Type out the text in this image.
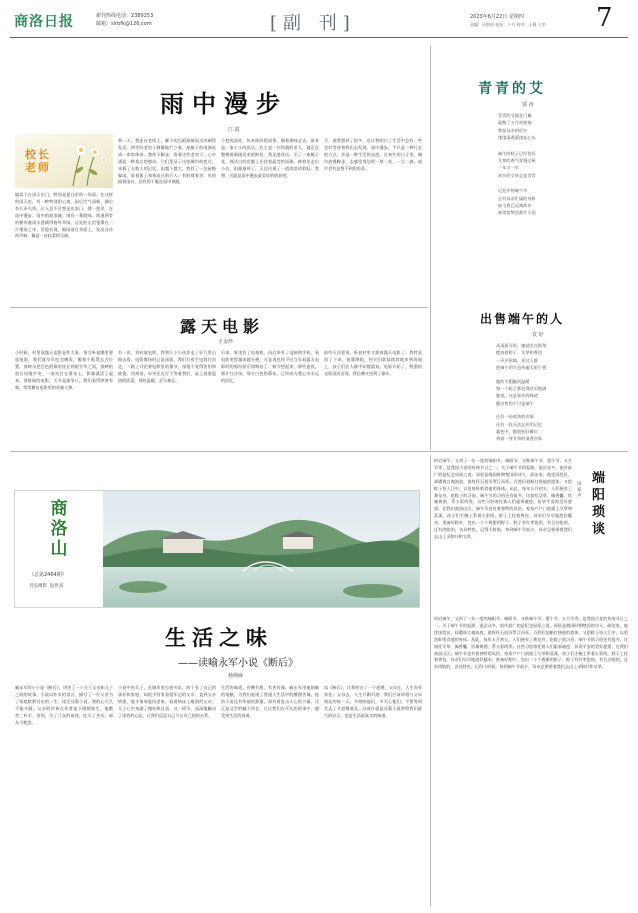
商洛日报	新刊热线电话：2389253
邮箱：slrbfk@126.com	[副 刊]	2023年6月22日 星期四
责编：田海周 校检：卜月 校对：王静 主审 7
雨中漫步
江 霞
校长老师
偏爱于在雨天出门，特别是夏日里的一场雨。在这样的雨天里，有一种特别的心境，雨后空气清新，偶尔有几声鸟鸣，让人忍不住想走出家门，撑一把伞，在雨中漫步。雨中的商洛城，别有一番韵味。街道两旁的树木被雨水洗刷得格外翠绿，远处的山峦笼罩在一片烟雨之中，若隐若现。细雨落在伞面上，发出沙沙的声响，像是一首轻柔的乐曲。
那一天，我走在老街上，脚下的石板路被雨水冲刷得发亮。两旁的老房子静静地伫立着，屋檐下的雨滴连成一串串珠帘。我停下脚步，看着这些老房子，心中涌起一种莫名的感动。它们见证了这座城市的变迁，承载了无数人的记忆。雨越下越大，我找了一处屋檐躲雨，看着街上匆匆而过的行人，有的撑着伞，有的披着雨衣，还有的干脆在雨中奔跑。
小巷的深处，传来阵阵的清香，循着香味走去，原来是一家小小的花店。店主是一位和蔼的老人，她正在整理着刚刚送来的鲜花。我走进花店，买了一束栀子花，那洁白的花瓣上还挂着晶莹的雨珠。捧着花走出小店，雨渐渐停了，天边出现了一道淡淡的彩虹。我想，这就是雨中漫步最美好的收获吧。
月，使我想到了很多，也让我明白了生活中总有一些美好等待着我们去发现。雨中漫步，不只是一种行走的方式，更是一种生活的态度。在匆忙的日子里，偶尔放慢脚步，去感受身边的一草一木，一点一滴，或许会有意想不到的惊喜。
青青的艾
郭 涛
青青的艾插在门楣
驱散了五月的烦恼
那是母亲的叮咛
缕缕清香萦绕在心头
端午的粽子已经包好
艾草的香气弥漫全屋
一年又一年
故乡的艾草总是青青
记忆中的端午节
总有母亲忙碌的身影
如今我已远离故乡
却常常梦回那片艾田
露天电影
王金珍
小时候，村里放露天电影是件大事。每当听说哪里要放电影，我们就早早吃完晚饭，搬着小板凳去占位置。放映员把白色的幕布挂在两根竹竿之间，放映机放在场地中央，一束光打在幕布上，影像就活了起来。那时候的电影，大多是战争片，我们看得津津有味，常常模仿电影里的英雄人物。
有一次，邻村放电影，我和几个小伙伴走了好几里山路去看。电影散场时已是深夜，我们打着手电筒往回走，一路上讨论着电影里的情节，丝毫不觉得害怕和疲倦。回到家，母亲还在灯下等着我们，桌上放着温热的饭菜。那份温暖，至今难忘。
后来，家里有了电视机，再后来有了电脑和手机，看电影变得越来越方便，可是再也找不回当年看露天电影时的那份快乐和期待了。如今想起来，那些夏夜，那片打谷场，那方白色的幕布，已经成为我心中永远的回忆。
前些天回老家，听说村里又要放露天电影了，我特意留了下来。夜幕降临，村民们陆陆续续地来到场地上，孩子们在人群中穿梭嬉戏。电影开始了，熟悉的光影再次出现，我仿佛又回到了童年。
出售端午的人
袁 好
从清晨开始，她就坐在街角
摆放着粽子、艾草和香包
一声声吆喝，穿过人群
把端午的气息传遍大街小巷
她的手粗糙而温暖
每一个粽子都包得结实饱满
她说，这是家乡的味道
她出售的不只是端午
还有一份浓浓的乡情
还有一段无法忘怀的记忆
暮色中，她收拾好摊位
带着一身艾草的清香回家
商洛山
（总第2464期）
刊头摄影 阮世富
端阳琐谈
田家声
时近端午，又到了一年一度的端阳节。端阳节，又称端午节、重午节、五月节等，是我国古老的传统节日之一。关于端午节的起源，说法众多，流传最广的是纪念屈原之说。屈原是战国时期楚国的诗人、政治家，他忧国忧民，却遭谗言被流放，最终怀石投汨罗江而死。百姓们划船打捞他的遗体，又把粽子投入江中，以免鱼虾啃食他的身体。从此，每年五月初五，人们便有了赛龙舟、吃粽子的习俗。端午节的习俗还有很多，比如挂艾草、佩香囊、饮雄黄酒、系五彩线等。这些习俗寄托着人们驱邪避疫、祈求平安的美好愿望。在我们商洛山区，端午节也有着独特的风俗。家家户户门前插上艾草和菖蒲，孩子们手腕上系着五彩线，脖子上挂着香包。母亲们早早地泡好糯米，准备好粽叶，包出一个个香甜的粽子。粽子有红枣馅的，有豆沙馅的，还有肉馅的，各具特色。记得小时候，每到端午节前夕，母亲总要带着我们去山上采粽叶和艾草。
时近端午，又到了一年一度的端阳节。端阳节，又称端午节、重午节、五月节等，是我国古老的传统节日之一。关于端午节的起源，说法众多，流传最广的是纪念屈原之说。屈原是战国时期楚国的诗人、政治家，他忧国忧民，却遭谗言被流放，最终怀石投汨罗江而死。百姓们划船打捞他的遗体，又把粽子投入江中，以免鱼虾啃食他的身体。从此，每年五月初五，人们便有了赛龙舟、吃粽子的习俗。端午节的习俗还有很多，比如挂艾草、佩香囊、饮雄黄酒、系五彩线等。这些习俗寄托着人们驱邪避疫、祈求平安的美好愿望。在我们商洛山区，端午节也有着独特的风俗。家家户户门前插上艾草和菖蒲，孩子们手腕上系着五彩线，脖子上挂着香包。母亲们早早地泡好糯米，准备好粽叶，包出一个个香甜的粽子。粽子有红枣馅的，有豆沙馅的，还有肉馅的，各具特色。记得小时候，每到端午节前夕，母亲总要带着我们去山上采粽叶和艾草。
生活之味
——读喻永军小说《断后》
杨栩麻
喻永军的小小说《断后》，讲述了一个关于父亲和儿子之间的故事。小说以朴实的语言，描写了一位父亲为了家庭默默付出的一生。读完这篇小说，我的心久久不能平静。父亲的形象在作者笔下栩栩如生，他勤劳、朴实、坚韧，为了儿女的前途，吃尽了苦头，却从不抱怨。
小说中的儿子，在城市里打拼多年，终于有了自己的事业和家庭，却很少回家看望年迈的父亲。直到父亲病重，他才匆匆赶回老家。看着病床上瘦弱的父亲，儿子心中充满了愧疚和自责。这一情节，深深地触动了读者的心弦，让我们反思自己与父母之间的关系。
生活的味道，有酸有甜，有苦有辣。喻永军用他细腻的笔触，为我们展现了普通人生活中的酸甜苦辣。他的小说没有华丽的辞藻，却有着直击人心的力量。这正是文学的魅力所在，它让我们在平凡的故事中，感受到生活的真谛。
读《断后》，让我明白了一个道理：父母在，人生尚有来处；父母去，人生只剩归途。我们应该珍惜与父母相处的每一天，多陪陪他们，多关心他们，不要等到失去了才追悔莫及。这或许就是这篇小说带给我们最大的启示，也是生活最真实的味道。
